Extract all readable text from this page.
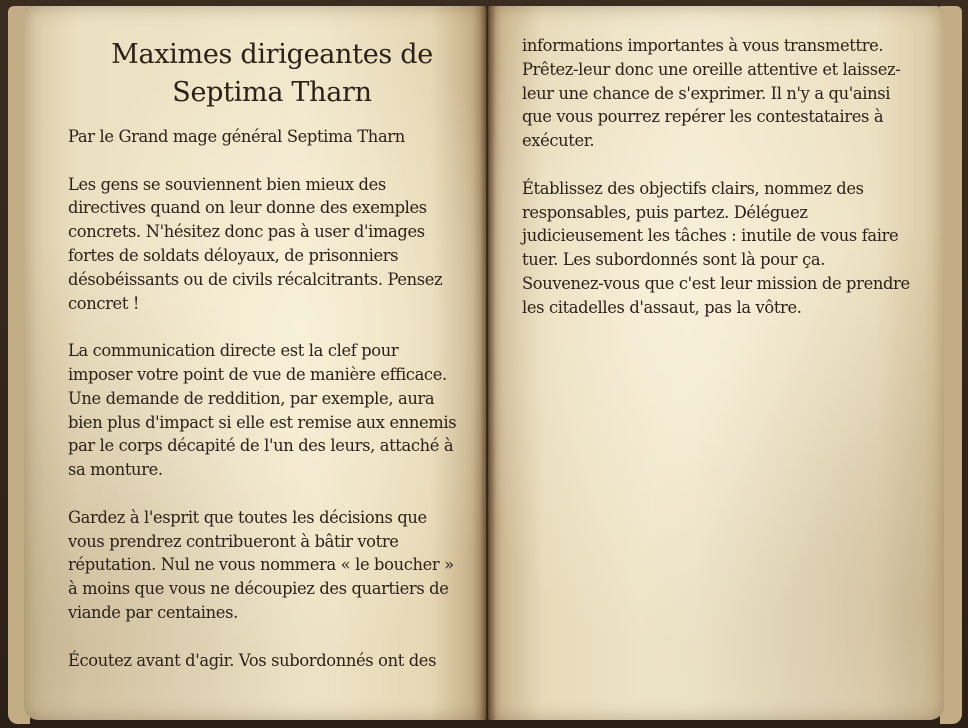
Maximes dirigeantes de
Septima Tharn

Par le Grand mage général Septima Tharn

Les gens se souviennent bien mieux des directives quand on leur donne des exemples concrets. N'hésitez donc pas à user d'images fortes de soldats déloyaux, de prisonniers désobéissants ou de civils récalcitrants. Pensez concret !

La communication directe est la clef pour imposer votre point de vue de manière efficace. Une demande de reddition, par exemple, aura bien plus d'impact si elle est remise aux ennemis par le corps décapité de l'un des leurs, attaché à sa monture.

Gardez à l'esprit que toutes les décisions que vous prendrez contribueront à bâtir votre réputation. Nul ne vous nommera « le boucher » à moins que vous ne découpiez des quartiers de viande par centaines.

Écoutez avant d'agir. Vos subordonnés ont des

informations importantes à vous transmettre. Prêtez-leur donc une oreille attentive et laissez-leur une chance de s'exprimer. Il n'y a qu'ainsi que vous pourrez repérer les contestataires à exécuter.

Établissez des objectifs clairs, nommez des responsables, puis partez. Déléguez judicieusement les tâches : inutile de vous faire tuer. Les subordonnés sont là pour ça. Souvenez-vous que c'est leur mission de prendre les citadelles d'assaut, pas la vôtre.
